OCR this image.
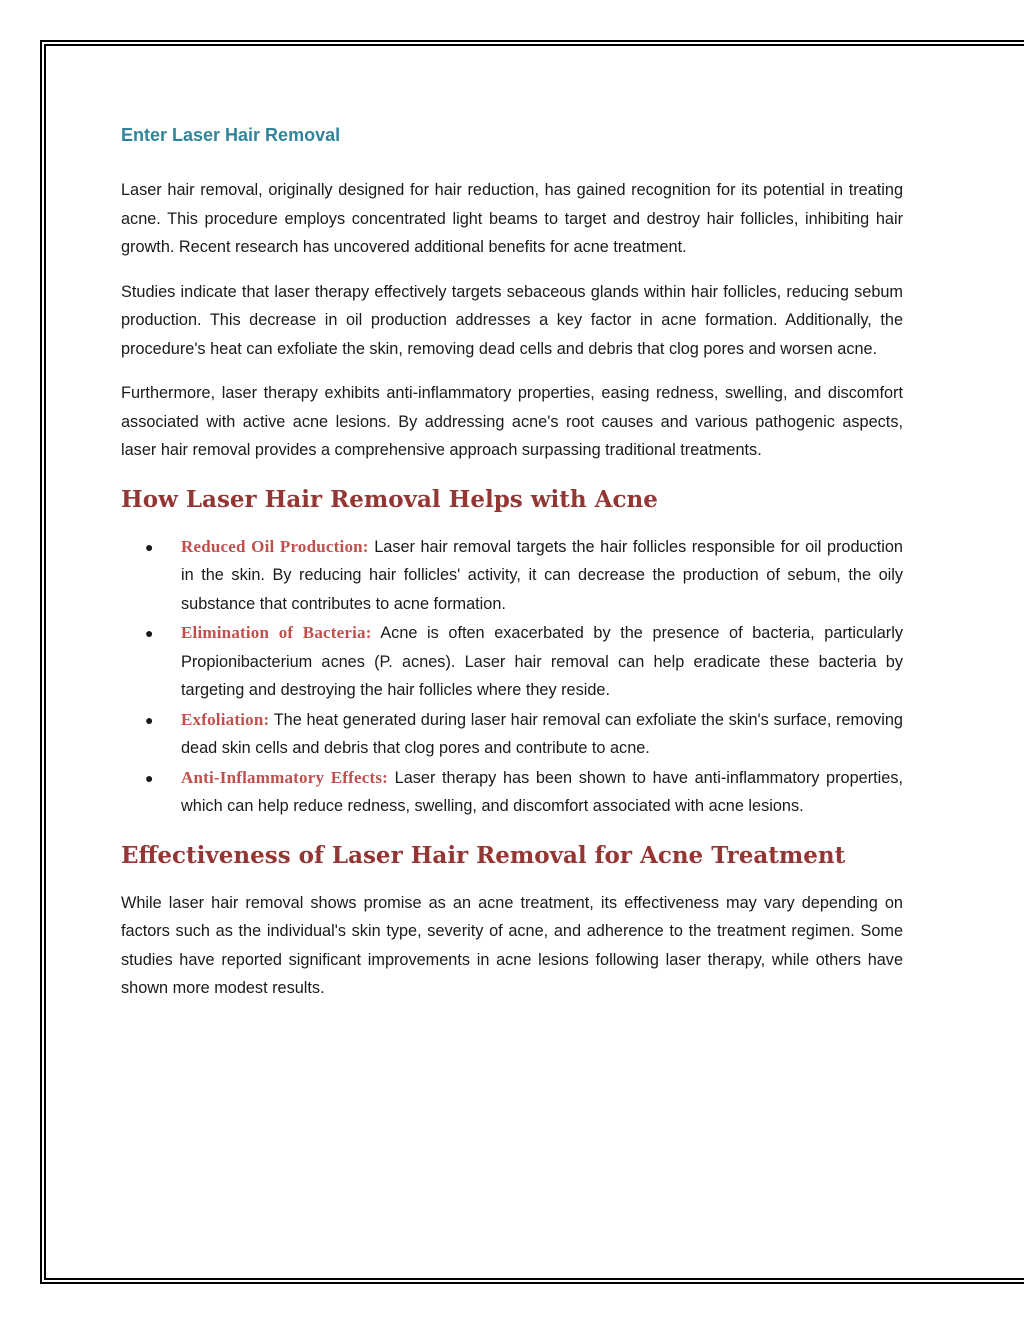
Enter Laser Hair Removal

Laser hair removal, originally designed for hair reduction, has gained recognition for its potential in treating acne. This procedure employs concentrated light beams to target and destroy hair follicles, inhibiting hair growth. Recent research has uncovered additional benefits for acne treatment.

Studies indicate that laser therapy effectively targets sebaceous glands within hair follicles, reducing sebum production. This decrease in oil production addresses a key factor in acne formation. Additionally, the procedure's heat can exfoliate the skin, removing dead cells and debris that clog pores and worsen acne.

Furthermore, laser therapy exhibits anti-inflammatory properties, easing redness, swelling, and discomfort associated with active acne lesions. By addressing acne's root causes and various pathogenic aspects, laser hair removal provides a comprehensive approach surpassing traditional treatments.

How Laser Hair Removal Helps with Acne
● Reduced Oil Production: Laser hair removal targets the hair follicles responsible for oil production in the skin. By reducing hair follicles' activity, it can decrease the production of sebum, the oily substance that contributes to acne formation.
● Elimination of Bacteria: Acne is often exacerbated by the presence of bacteria, particularly Propionibacterium acnes (P. acnes). Laser hair removal can help eradicate these bacteria by targeting and destroying the hair follicles where they reside.
● Exfoliation: The heat generated during laser hair removal can exfoliate the skin's surface, removing dead skin cells and debris that clog pores and contribute to acne.
● Anti-Inflammatory Effects: Laser therapy has been shown to have anti-inflammatory properties, which can help reduce redness, swelling, and discomfort associated with acne lesions.
Effectiveness of Laser Hair Removal for Acne Treatment

While laser hair removal shows promise as an acne treatment, its effectiveness may vary depending on factors such as the individual's skin type, severity of acne, and adherence to the treatment regimen. Some studies have reported significant improvements in acne lesions following laser therapy, while others have shown more modest results.
